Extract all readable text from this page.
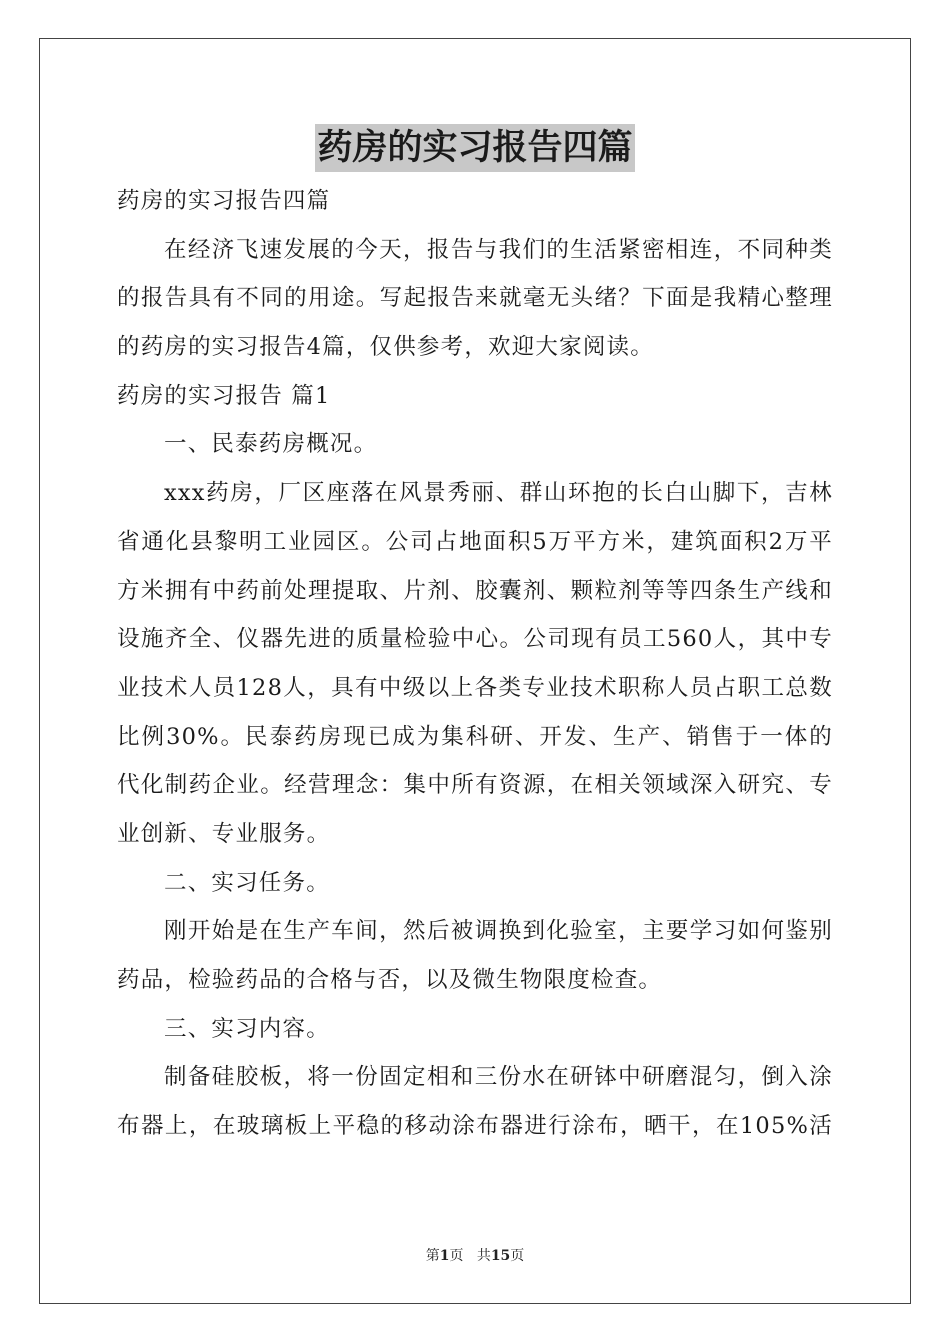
药房的实习报告四篇
药房的实习报告四篇
在经济飞速发展的今天，报告与我们的生活紧密相连，不同种类
的报告具有不同的用途。写起报告来就毫无头绪？下面是我精心整理
的药房的实习报告4篇，仅供参考，欢迎大家阅读。
药房的实习报告 篇1
一、民泰药房概况。
xxx药房，厂区座落在风景秀丽、群山环抱的长白山脚下，吉林
省通化县黎明工业园区。公司占地面积5万平方米，建筑面积2万平
方米拥有中药前处理提取、片剂、胶囊剂、颗粒剂等等四条生产线和
设施齐全、仪器先进的质量检验中心。公司现有员工560人，其中专
业技术人员128人，具有中级以上各类专业技术职称人员占职工总数
比例30%。民泰药房现已成为集科研、开发、生产、销售于一体的
代化制药企业。经营理念：集中所有资源，在相关领域深入研究、专
业创新、专业服务。
二、实习任务。
刚开始是在生产车间，然后被调换到化验室，主要学习如何鉴别
药品，检验药品的合格与否，以及微生物限度检查。
三、实习内容。
制备硅胶板，将一份固定相和三份水在研钵中研磨混匀，倒入涂
布器上，在玻璃板上平稳的移动涂布器进行涂布，晒干，在105%活
第1页 共15页
